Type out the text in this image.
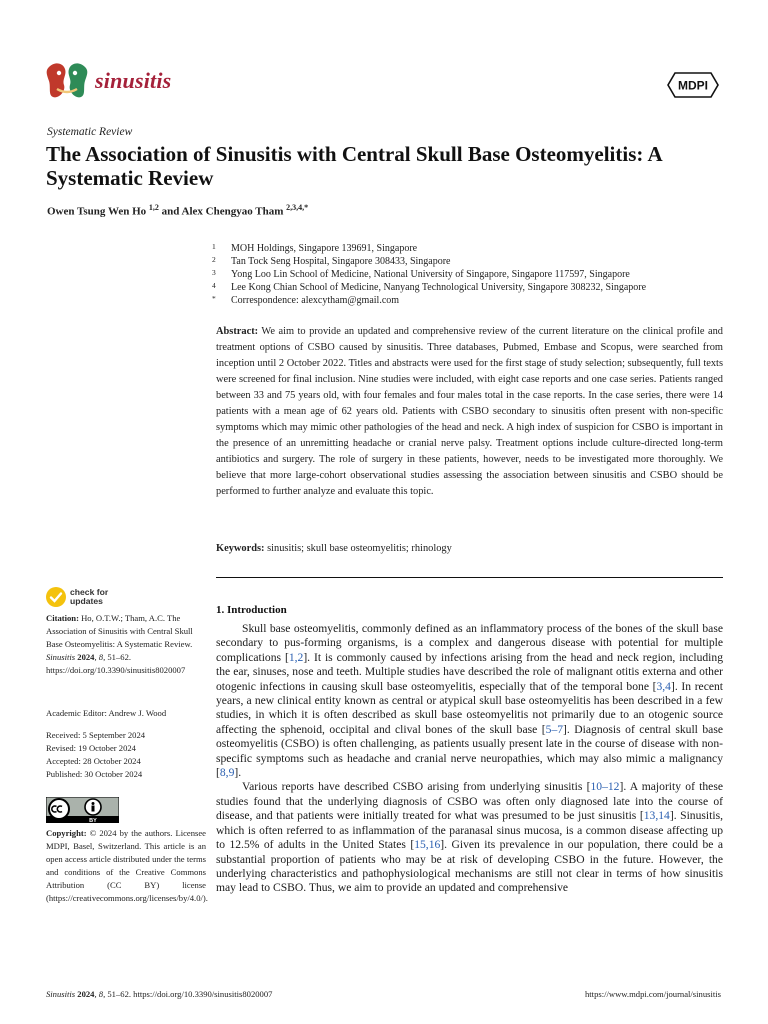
sinusitis	MDPI
Systematic Review
The Association of Sinusitis with Central Skull Base Osteomyelitis: A Systematic Review
Owen Tsung Wen Ho $^{1,2}$ and Alex Chengyao Tham $^{2,3,4,*}$
1	MOH Holdings, Singapore 139691, Singapore
2	Tan Tock Seng Hospital, Singapore 308433, Singapore
3	Yong Loo Lin School of Medicine, National University of Singapore, Singapore 117597, Singapore
4	Lee Kong Chian School of Medicine, Nanyang Technological University, Singapore 308232, Singapore
*	Correspondence: alexcytham@gmail.com
Abstract: We aim to provide an updated and comprehensive review of the current literature on the clinical profile and treatment options of CSBO caused by sinusitis. Three databases, Pubmed, Embase and Scopus, were searched from inception until 2 October 2022. Titles and abstracts were used for the first stage of study selection; subsequently, full texts were screened for final inclusion. Nine studies were included, with eight case reports and one case series. Patients ranged between 33 and 75 years old, with four females and four males total in the case reports. In the case series, there were 14 patients with a mean age of 62 years old. Patients with CSBO secondary to sinusitis often present with non-specific symptoms which may mimic other pathologies of the head and neck. A high index of suspicion for CSBO is important in the presence of an unremitting headache or cranial nerve palsy. Treatment options include culture-directed long-term antibiotics and surgery. The role of surgery in these patients, however, needs to be investigated more thoroughly. We believe that more large-cohort observational studies assessing the association between sinusitis and CSBO should be performed to further analyze and evaluate this topic.
Keywords: sinusitis; skull base osteomyelitis; rhinology
check for
updates
Citation: Ho, O.T.W.; Tham, A.C. The Association of Sinusitis with Central Skull Base Osteomyelitis: A Systematic Review. Sinusitis 2024, 8, 51–62. https://doi.org/10.3390/sinusitis8020007
Academic Editor: Andrew J. Wood
Received: 5 September 2024
Revised: 19 October 2024
Accepted: 28 October 2024
Published: 30 October 2024
BY
Copyright: © 2024 by the authors. Licensee MDPI, Basel, Switzerland. This article is an open access article distributed under the terms and conditions of the Creative Commons Attribution (CC BY) license (https://creativecommons.org/licenses/by/4.0/).
1. Introduction

Skull base osteomyelitis, commonly defined as an inflammatory process of the bones of the skull base secondary to pus-forming organisms, is a complex and dangerous disease with potential for multiple complications [1,2]. It is commonly caused by infections arising from the head and neck region, including the ear, sinuses, nose and teeth. Multiple studies have described the role of malignant otitis externa and other otogenic infections in causing skull base osteomyelitis, especially that of the temporal bone [3,4]. In recent years, a new clinical entity known as central or atypical skull base osteomyelitis has been described in a few studies, in which it is often described as skull base osteomyelitis not primarily due to an otogenic source affecting the sphenoid, occipital and clival bones of the skull base [5–7]. Diagnosis of central skull base osteomyelitis (CSBO) is often challenging, as patients usually present late in the course of disease with non-specific symptoms such as headache and cranial nerve neuropathies, which may also mimic a malignancy [8,9].

Various reports have described CSBO arising from underlying sinusitis [10–12]. A majority of these studies found that the underlying diagnosis of CSBO was often only diagnosed late into the course of disease, and that patients were initially treated for what was presumed to be just sinusitis [13,14]. Sinusitis, which is often referred to as inflammation of the paranasal sinus mucosa, is a common disease affecting up to 12.5% of adults in the United States [15,16]. Given its prevalence in our population, there could be a substantial proportion of patients who may be at risk of developing CSBO in the future. However, the underlying characteristics and pathophysiological mechanisms are still not clear in terms of how sinusitis may lead to CSBO. Thus, we aim to provide an updated and comprehensive

Sinusitis 2024, 8, 51–62. https://doi.org/10.3390/sinusitis8020007	https://www.mdpi.com/journal/sinusitis
